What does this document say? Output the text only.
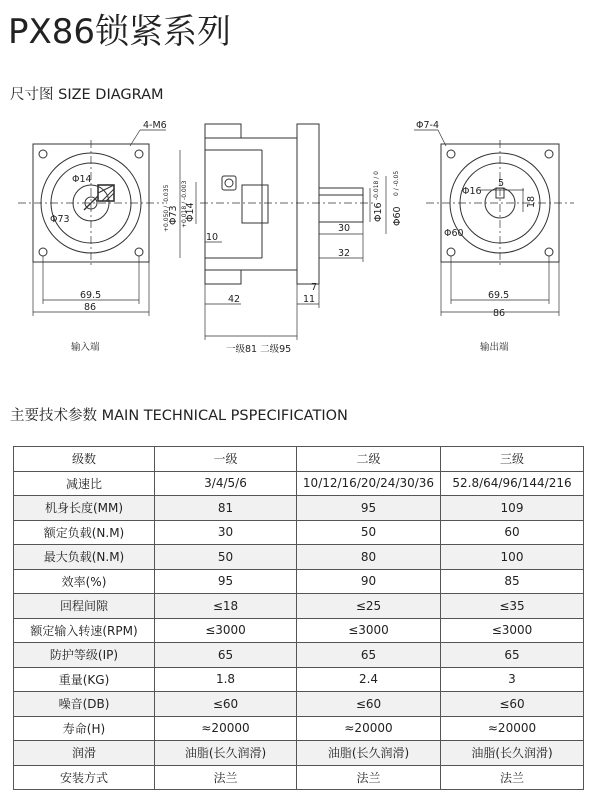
PX86锁紧系列
尺寸图 SIZE DIAGRAM
4-M6
Φ14
Φ73
69.5
86
输入端
42	11
7
10
30
32
一级81 二级95
Φ73
+0.050 / -0.035 Φ14
+0.018 / -0.003	Φ16
-0.018 / 0
Φ60
0 / -0.05
Φ7-4
5
18
Φ16
Φ60
69.5
86
输出端
主要技术参数 MAIN TECHNICAL PSPECIFICATION
级数	一级	二级	三级
减速比	3/4/5/6	10/12/16/20/24/30/36	52.8/64/96/144/216
机身长度(MM)	81	95	109
额定负载(N.M)	30	50	60
最大负载(N.M)	50	80	100
效率(%)	95	90	85
回程间隙	≤18	≤25	≤35
额定输入转速(RPM)	≤3000	≤3000	≤3000
防护等级(IP)	65	65	65
重量(KG)	1.8	2.4	3
噪音(DB)	≤60	≤60	≤60
寿命(H)	≈20000	≈20000	≈20000
润滑	油脂(长久润滑)	油脂(长久润滑)	油脂(长久润滑)
安装方式	法兰	法兰	法兰
